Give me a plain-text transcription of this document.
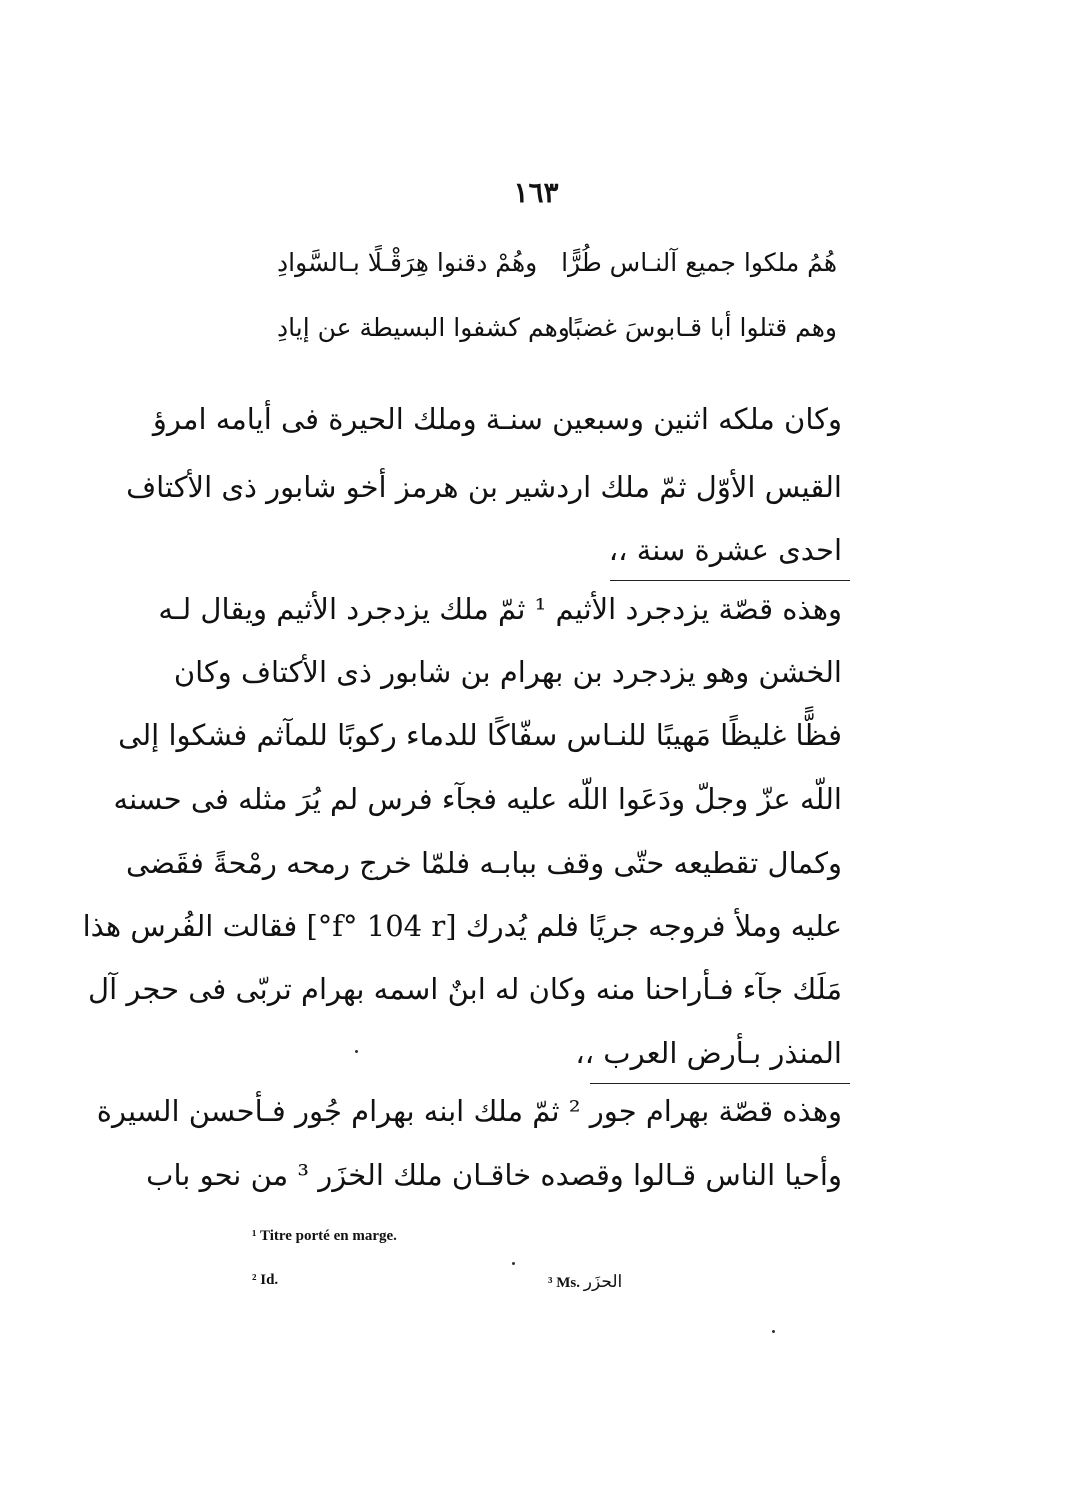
١٦٣
هُمُ ملكوا جميع آلنـاس طُرًّا
وهُمْ دقنوا هِرَقْـلًا بـالسَّوادِ
وهم قتلوا أبا قـابوسَ غضبًا
وهم كشفوا البسيطة عن إيادِ
وكان ملكه اثنين وسبعين سنـة وملك الحيرة فى أيامه امرؤ
القيس الأوّل ثمّ ملك اردشير بن هرمز أخو شابور ذى الأكتاف
احدى عشرة سنة ،،
وهذه قصّة يزدجرد الأثيم ¹ ثمّ ملك يزدجرد الأثيم ويقال لـه
الخشن وهو يزدجرد بن بهرام بن شابور ذى الأكتاف وكان
فظًّا غليظًا مَهيبًا للنـاس سفّاكًا للدماء ركوبًا للمآثم فشكوا إلى
اللّه عزّ وجلّ ودَعَوا اللّه عليه فجآء فرس لم يُرَ مثله فى حسنه
وكمال تقطيعه حتّى وقف ببابـه فلمّا خرج رمحه رمْحةً فقَضى
عليه وملأ فروجه جريًا فلم يُدرك [f° 104 r°] فقالت الفُرس هذا
مَلَك جآء فـأراحنا منه وكان له ابنٌ اسمه بهرام تربّى فى حجر آل
المنذر بـأرض العرب ،،
وهذه قصّة بهرام جور ² ثمّ ملك ابنه بهرام جُور فـأحسن السيرة
وأحيا الناس قـالوا وقصده خاقـان ملك الخزَر ³ من نحو باب
¹ Titre porté en marge.
² Id.	³ Ms. الحزَر
